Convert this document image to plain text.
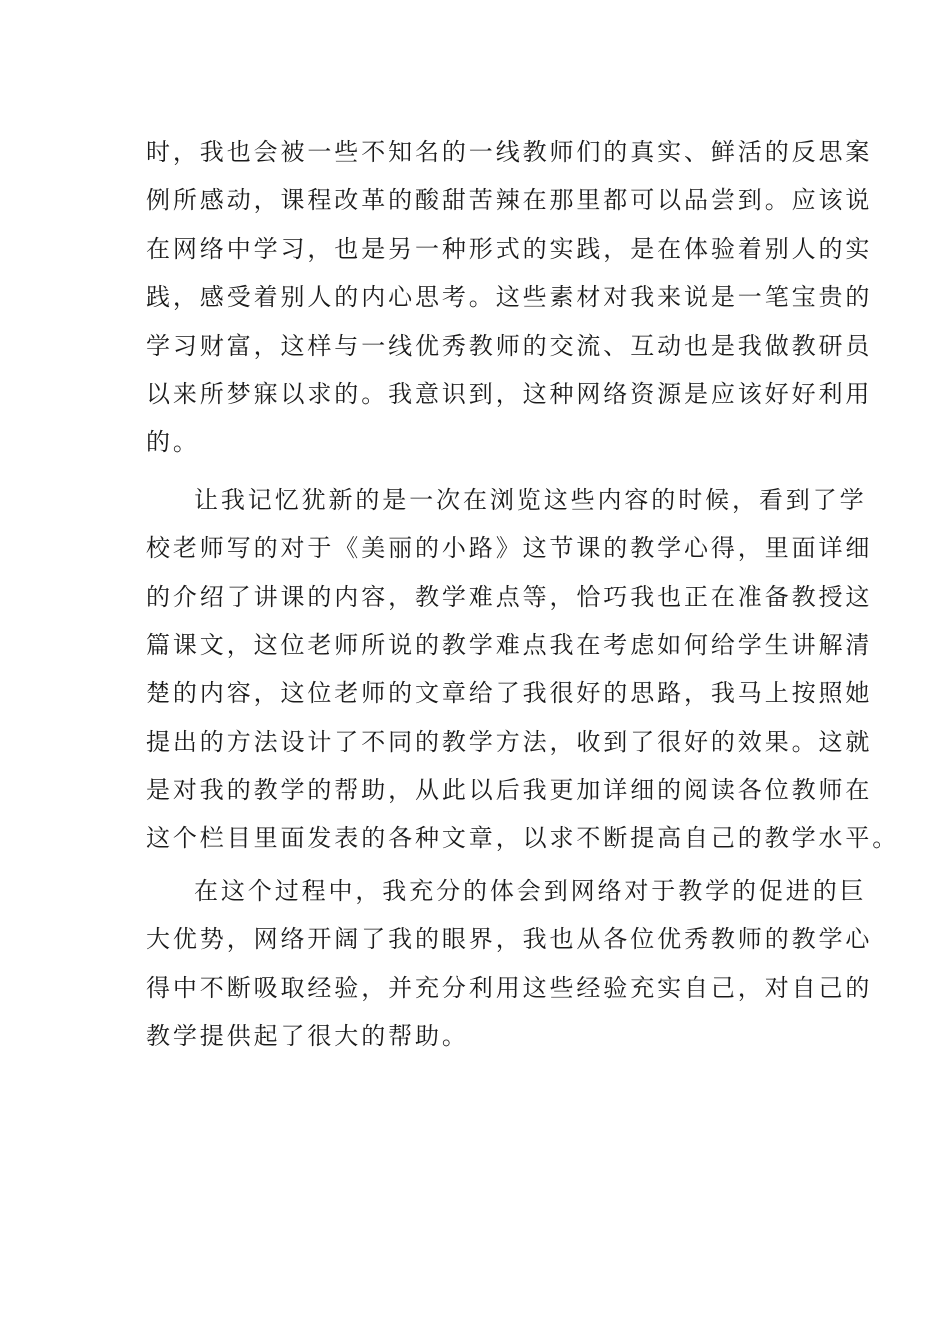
时，我也会被一些不知名的一线教师们的真实、鲜活的反思案
例所感动，课程改革的酸甜苦辣在那里都可以品尝到。应该说
在网络中学习，也是另一种形式的实践，是在体验着别人的实
践，感受着别人的内心思考。这些素材对我来说是一笔宝贵的
学习财富，这样与一线优秀教师的交流、互动也是我做教研员
以来所梦寐以求的。我意识到，这种网络资源是应该好好利用
的。
让我记忆犹新的是一次在浏览这些内容的时候，看到了学
校老师写的对于《美丽的小路》这节课的教学心得，里面详细
的介绍了讲课的内容，教学难点等，恰巧我也正在准备教授这
篇课文，这位老师所说的教学难点我在考虑如何给学生讲解清
楚的内容，这位老师的文章给了我很好的思路，我马上按照她
提出的方法设计了不同的教学方法，收到了很好的效果。这就
是对我的教学的帮助，从此以后我更加详细的阅读各位教师在
这个栏目里面发表的各种文章，以求不断提高自己的教学水平。
在这个过程中，我充分的体会到网络对于教学的促进的巨
大优势，网络开阔了我的眼界，我也从各位优秀教师的教学心
得中不断吸取经验，并充分利用这些经验充实自己，对自己的
教学提供起了很大的帮助。
